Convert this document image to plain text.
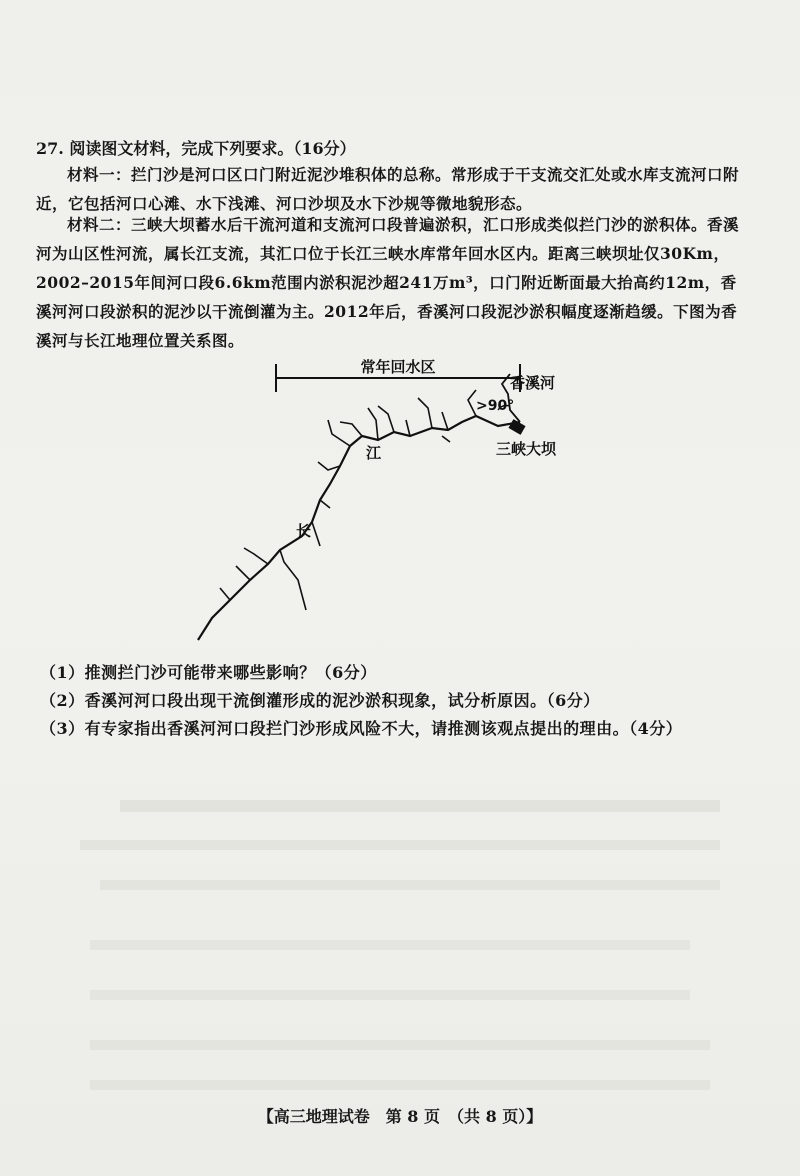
27. 阅读图文材料，完成下列要求。（16分）
材料一：拦门沙是河口区口门附近泥沙堆积体的总称。常形成于干支流交汇处或水库支流河口附近，它包括河口心滩、水下浅滩、河口沙坝及水下沙规等微地貌形态。
材料二：三峡大坝蓄水后干流河道和支流河口段普遍淤积，汇口形成类似拦门沙的淤积体。香溪河为山区性河流，属长江支流，其汇口位于长江三峡水库常年回水区内。距离三峡坝址仅30Km，2002–2015年间河口段6.6km范围内淤积泥沙超241万m³，口门附近断面最大抬高约12m，香溪河河口段淤积的泥沙以干流倒灌为主。2012年后，香溪河口段泥沙淤积幅度逐渐趋缓。下图为香溪河与长江地理位置关系图。
常年回水区
香溪河
>90°
三峡大坝
江
长
（1）推测拦门沙可能带来哪些影响？（6分）
（2）香溪河河口段出现干流倒灌形成的泥沙淤积现象，试分析原因。（6分）
（3）有专家指出香溪河河口段拦门沙形成风险不大，请推测该观点提出的理由。（4分）
【高三地理试卷　第 8 页　（共 8 页）】
